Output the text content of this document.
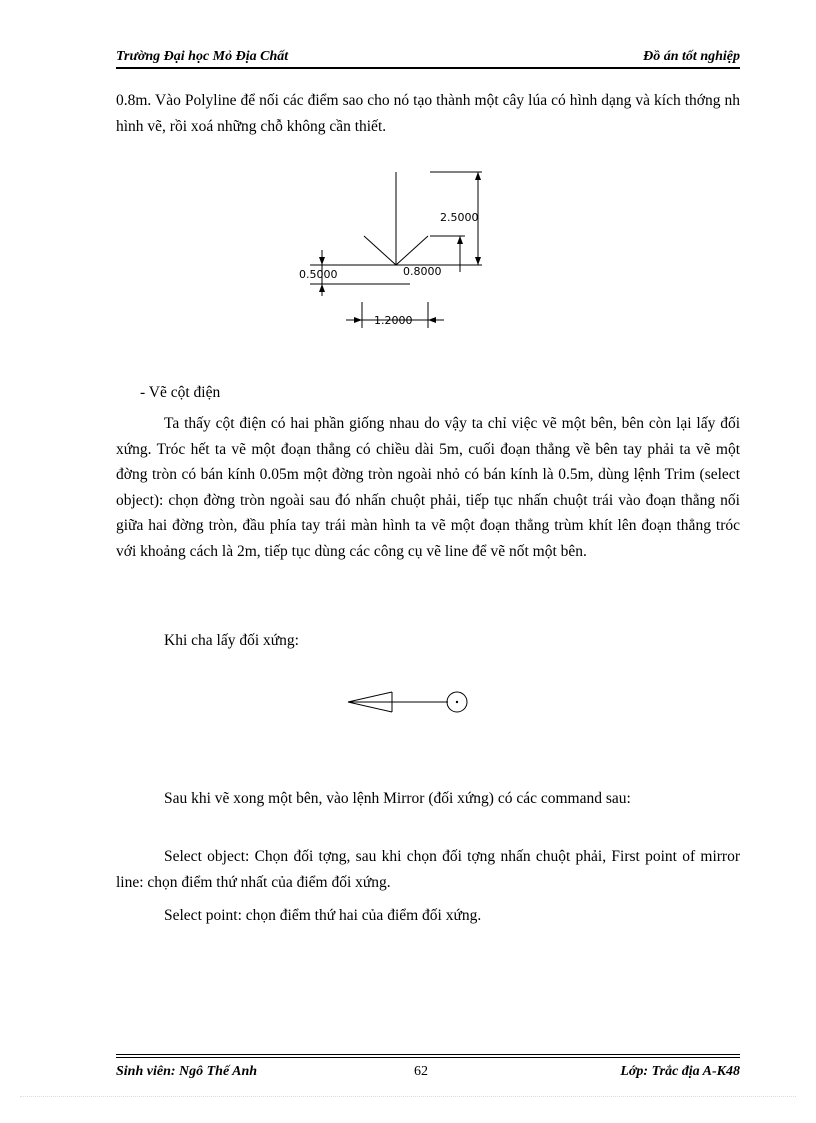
Trường Đại học Mỏ Địa Chất	Đồ án tốt nghiệp
0.8m. Vào Polyline để nối các điểm sao cho nó tạo thành một cây lúa có hình dạng và kích thớng nh hình vẽ, rồi xoá những chỗ không cần thiết.
2.5000
0.8000
0.5000
1.2000
- Vẽ cột điện
Ta thấy cột điện có hai phần giống nhau do vậy ta chỉ việc vẽ một bên, bên còn lại lấy đối xứng. Tróc hết ta vẽ một đoạn thẳng có chiều dài 5m, cuối đoạn thẳng về bên tay phải ta vẽ một đờng tròn có bán kính 0.05m một đờng tròn ngoài nhỏ có bán kính là 0.5m, dùng lệnh Trim (select object): chọn đờng tròn ngoài sau đó nhấn chuột phải, tiếp tục nhấn chuột trái vào đoạn thẳng nối giữa hai đờng tròn, đầu phía tay trái màn hình ta vẽ một đoạn thẳng trùm khít lên đoạn thẳng tróc với khoảng cách là 2m, tiếp tục dùng các công cụ vẽ line để vẽ nốt một bên.
Khi cha lấy đối xứng:
Sau khi vẽ xong một bên, vào lệnh Mirror (đối xứng) có các command sau:
Select object: Chọn đối tợng, sau khi chọn đối tợng nhấn chuột phải, First point of mirror line: chọn điểm thứ nhất của điểm đối xứng.
Select point: chọn điểm thứ hai của điểm đối xứng.
Sinh viên: Ngô Thế Anh	62	Lớp: Trắc địa A-K48
